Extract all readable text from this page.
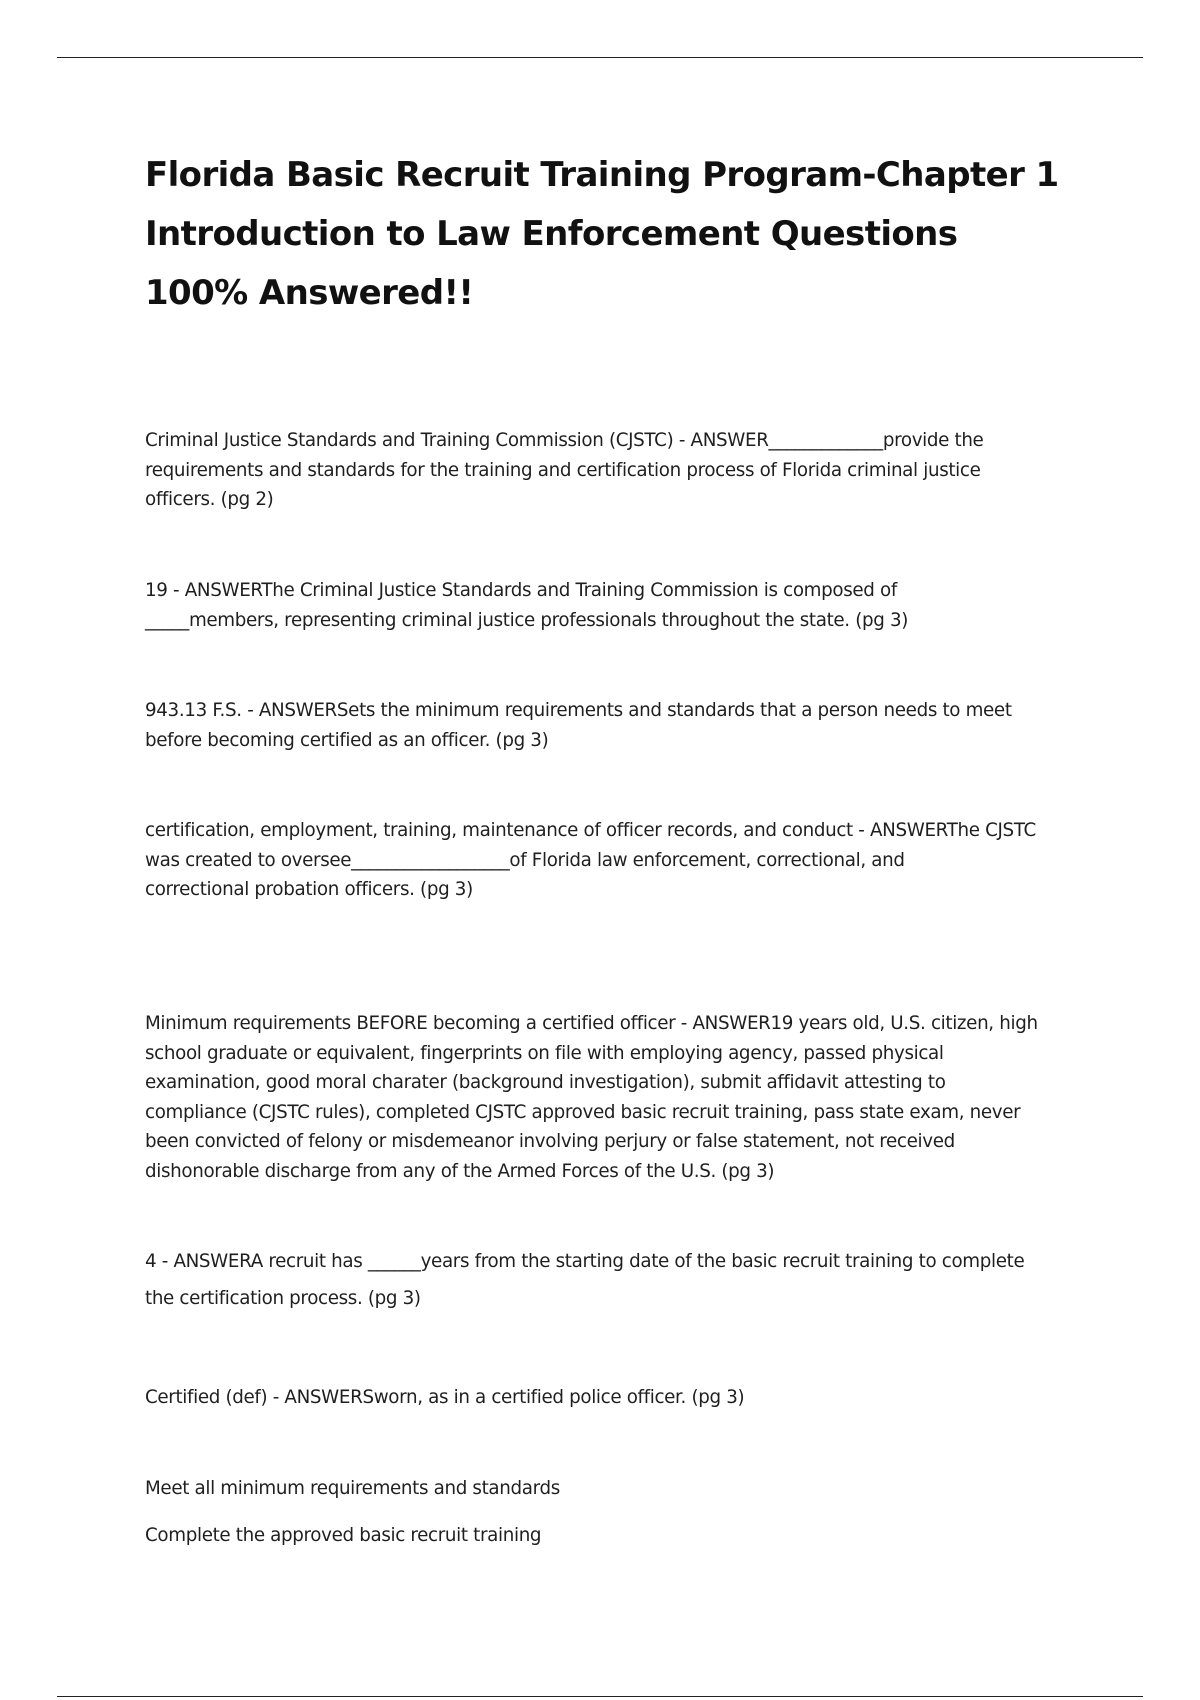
Florida Basic Recruit Training Program-Chapter 1
Introduction to Law Enforcement Questions
100% Answered!!

Criminal Justice Standards and Training Commission (CJSTC) - ANSWER_____________provide the
requirements and standards for the training and certification process of Florida criminal justice
officers. (pg 2)

19 - ANSWERThe Criminal Justice Standards and Training Commission is composed of
_____members, representing criminal justice professionals throughout the state. (pg 3)

943.13 F.S. - ANSWERSets the minimum requirements and standards that a person needs to meet
before becoming certified as an officer. (pg 3)

certification, employment, training, maintenance of officer records, and conduct - ANSWERThe CJSTC
was created to oversee__________________of Florida law enforcement, correctional, and
correctional probation officers. (pg 3)

Minimum requirements BEFORE becoming a certified officer - ANSWER19 years old, U.S. citizen, high
school graduate or equivalent, fingerprints on file with employing agency, passed physical
examination, good moral charater (background investigation), submit affidavit attesting to
compliance (CJSTC rules), completed CJSTC approved basic recruit training, pass state exam, never
been convicted of felony or misdemeanor involving perjury or false statement, not received
dishonorable discharge from any of the Armed Forces of the U.S. (pg 3)

4 - ANSWERA recruit has ______years from the starting date of the basic recruit training to complete
the certification process. (pg 3)

Certified (def) - ANSWERSworn, as in a certified police officer. (pg 3)

Meet all minimum requirements and standards

Complete the approved basic recruit training
